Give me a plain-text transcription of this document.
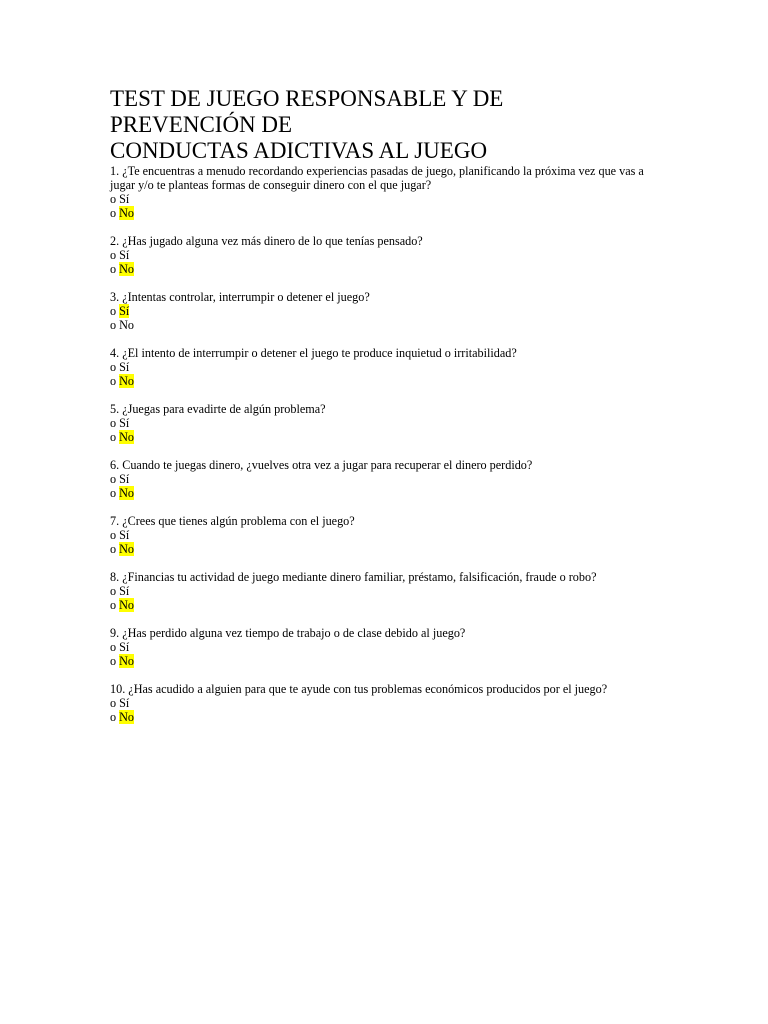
TEST DE JUEGO RESPONSABLE Y DE
PREVENCIÓN DE
CONDUCTAS ADICTIVAS AL JUEGO
1. ¿Te encuentras a menudo recordando experiencias pasadas de juego, planificando la próxima vez que vas a jugar y/o te planteas formas de conseguir dinero con el que jugar?
o Sí
o No
2. ¿Has jugado alguna vez más dinero de lo que tenías pensado?
o Sí
o No
3. ¿Intentas controlar, interrumpir o detener el juego?
o Sí
o No
4. ¿El intento de interrumpir o detener el juego te produce inquietud o irritabilidad?
o Sí
o No
5. ¿Juegas para evadirte de algún problema?
o Sí
o No
6. Cuando te juegas dinero, ¿vuelves otra vez a jugar para recuperar el dinero perdido?
o Sí
o No
7. ¿Crees que tienes algún problema con el juego?
o Sí
o No
8. ¿Financias tu actividad de juego mediante dinero familiar, préstamo, falsificación, fraude o robo?
o Sí
o No
9. ¿Has perdido alguna vez tiempo de trabajo o de clase debido al juego?
o Sí
o No
10. ¿Has acudido a alguien para que te ayude con tus problemas económicos producidos por el juego?
o Sí
o No
